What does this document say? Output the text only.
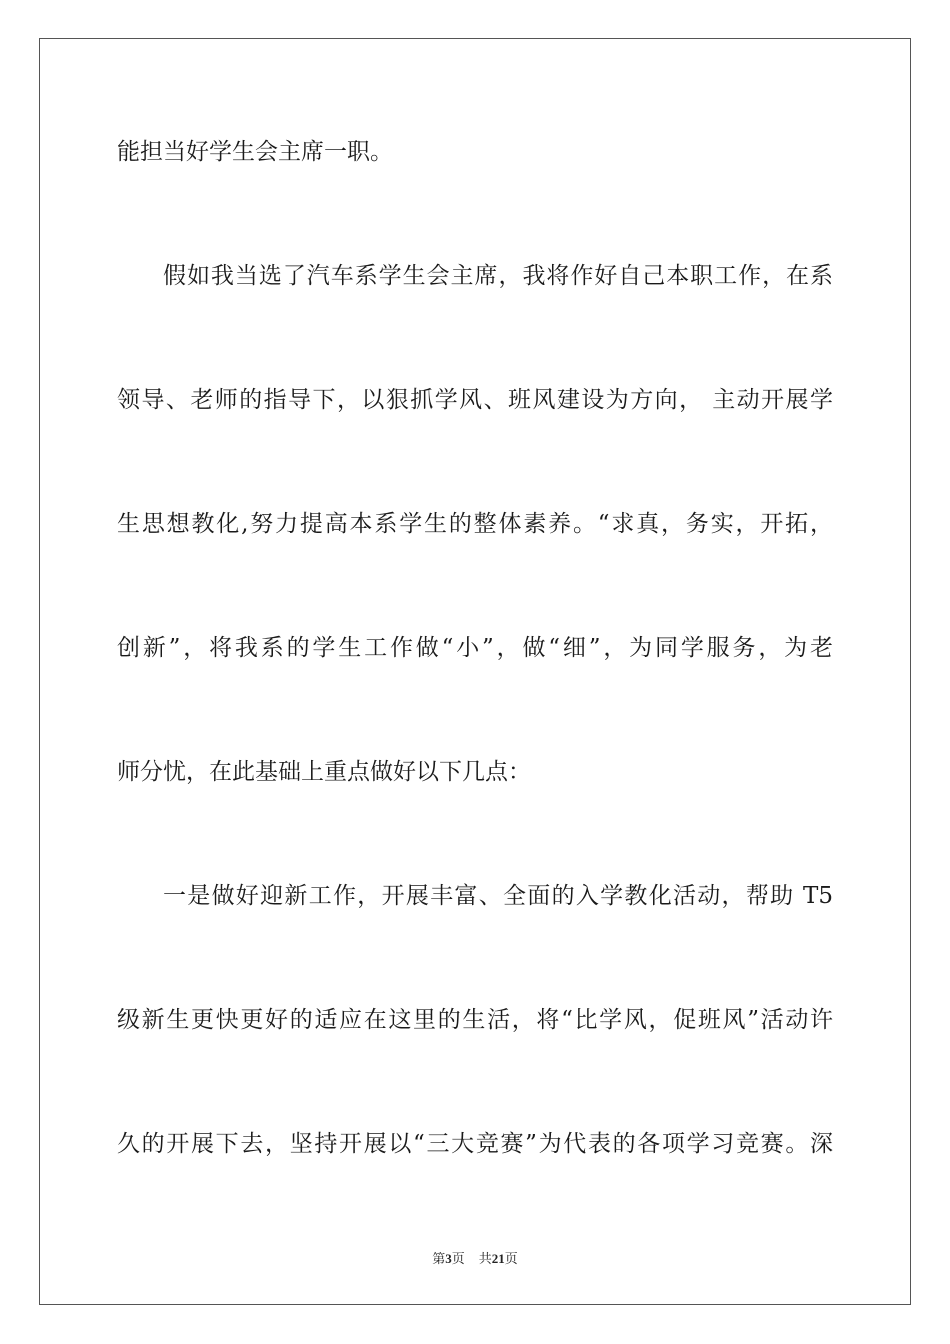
能担当好学生会主席一职。
假如我当选了汽车系学生会主席，我将作好自己本职工作，在系
领导、老师的指导下，以狠抓学风、班风建设为方向， 主动开展学
生思想教化,努力提高本系学生的整体素养。“求真，务实，开拓，
创新”，将我系的学生工作做“小”，做“细”，为同学服务，为老
师分忧，在此基础上重点做好以下几点：
一是做好迎新工作，开展丰富、全面的入学教化活动，帮助 T5
级新生更快更好的适应在这里的生活，将“比学风，促班风”活动许
久的开展下去，坚持开展以“三大竞赛”为代表的各项学习竞赛。深
第3页 共21页
